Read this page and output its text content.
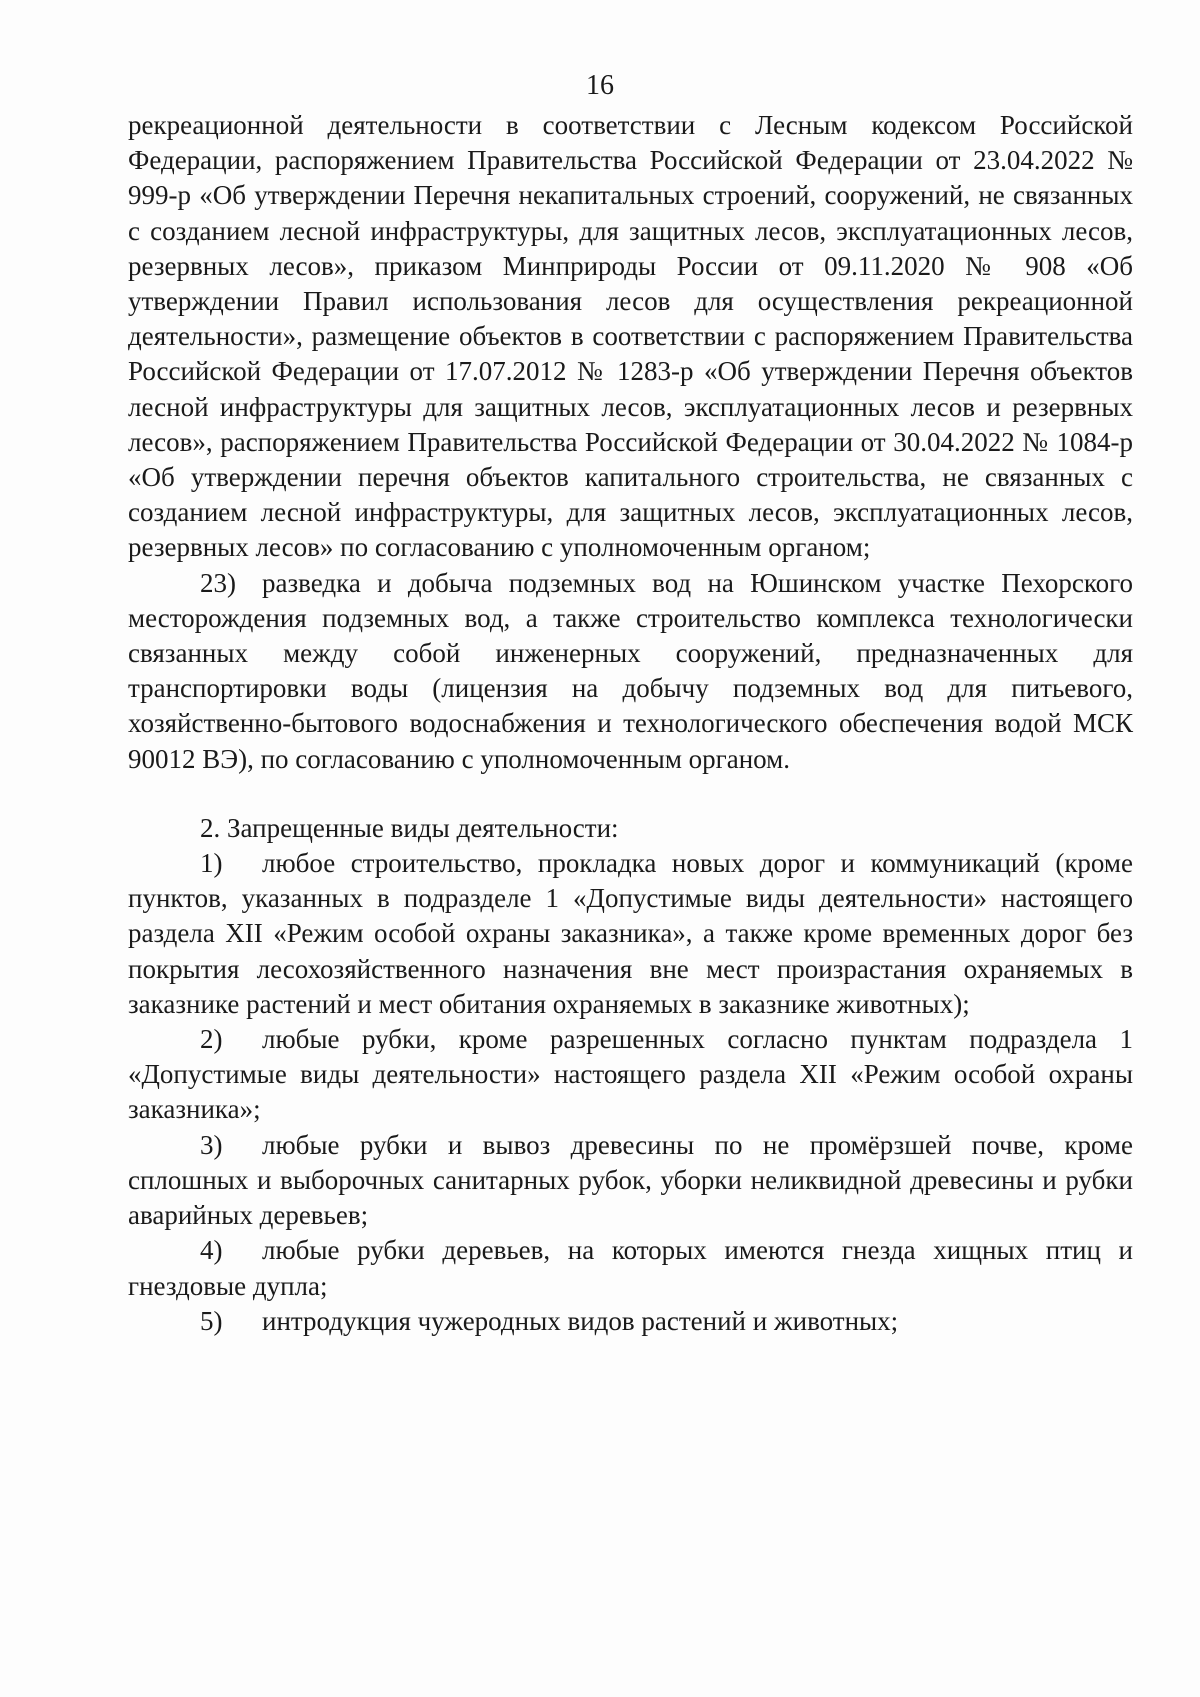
16

рекреационной деятельности в соответствии с Лесным кодексом Российской Федерации, распоряжением Правительства Российской Федерации от 23.04.2022 № 999-р «Об утверждении Перечня некапитальных строений, сооружений, не связанных с созданием лесной инфраструктуры, для защитных лесов, эксплуатационных лесов, резервных лесов», приказом Минприроды России от 09.11.2020 № 908 «Об утверждении Правил использования лесов для осуществления рекреационной деятельности», размещение объектов в соответствии с распоряжением Правительства Российской Федерации от 17.07.2012 № 1283-р «Об утверждении Перечня объектов лесной инфраструктуры для защитных лесов, эксплуатационных лесов и резервных лесов», распоряжением Правительства Российской Федерации от 30.04.2022 № 1084-р «Об утверждении перечня объектов капитального строительства, не связанных с созданием лесной инфраструктуры, для защитных лесов, эксплуатационных лесов, резервных лесов» по согласованию с уполномоченным органом;

23) разведка и добыча подземных вод на Юшинском участке Пехорского месторождения подземных вод, а также строительство комплекса технологически связанных между собой инженерных сооружений, предназначенных для транспортировки воды (лицензия на добычу подземных вод для питьевого, хозяйственно-бытового водоснабжения и технологического обеспечения водой МСК 90012 ВЭ), по согласованию с уполномоченным органом.

2. Запрещенные виды деятельности:

1) любое строительство, прокладка новых дорог и коммуникаций (кроме пунктов, указанных в подразделе 1 «Допустимые виды деятельности» настоящего раздела XII «Режим особой охраны заказника», а также кроме временных дорог без покрытия лесохозяйственного назначения вне мест произрастания охраняемых в заказнике растений и мест обитания охраняемых в заказнике животных);

2) любые рубки, кроме разрешенных согласно пунктам подраздела 1 «Допустимые виды деятельности» настоящего раздела XII «Режим особой охраны заказника»;

3) любые рубки и вывоз древесины по не промёрзшей почве, кроме сплошных и выборочных санитарных рубок, уборки неликвидной древесины и рубки аварийных деревьев;

4) любые рубки деревьев, на которых имеются гнезда хищных птиц и гнездовые дупла;

5) интродукция чужеродных видов растений и животных;
